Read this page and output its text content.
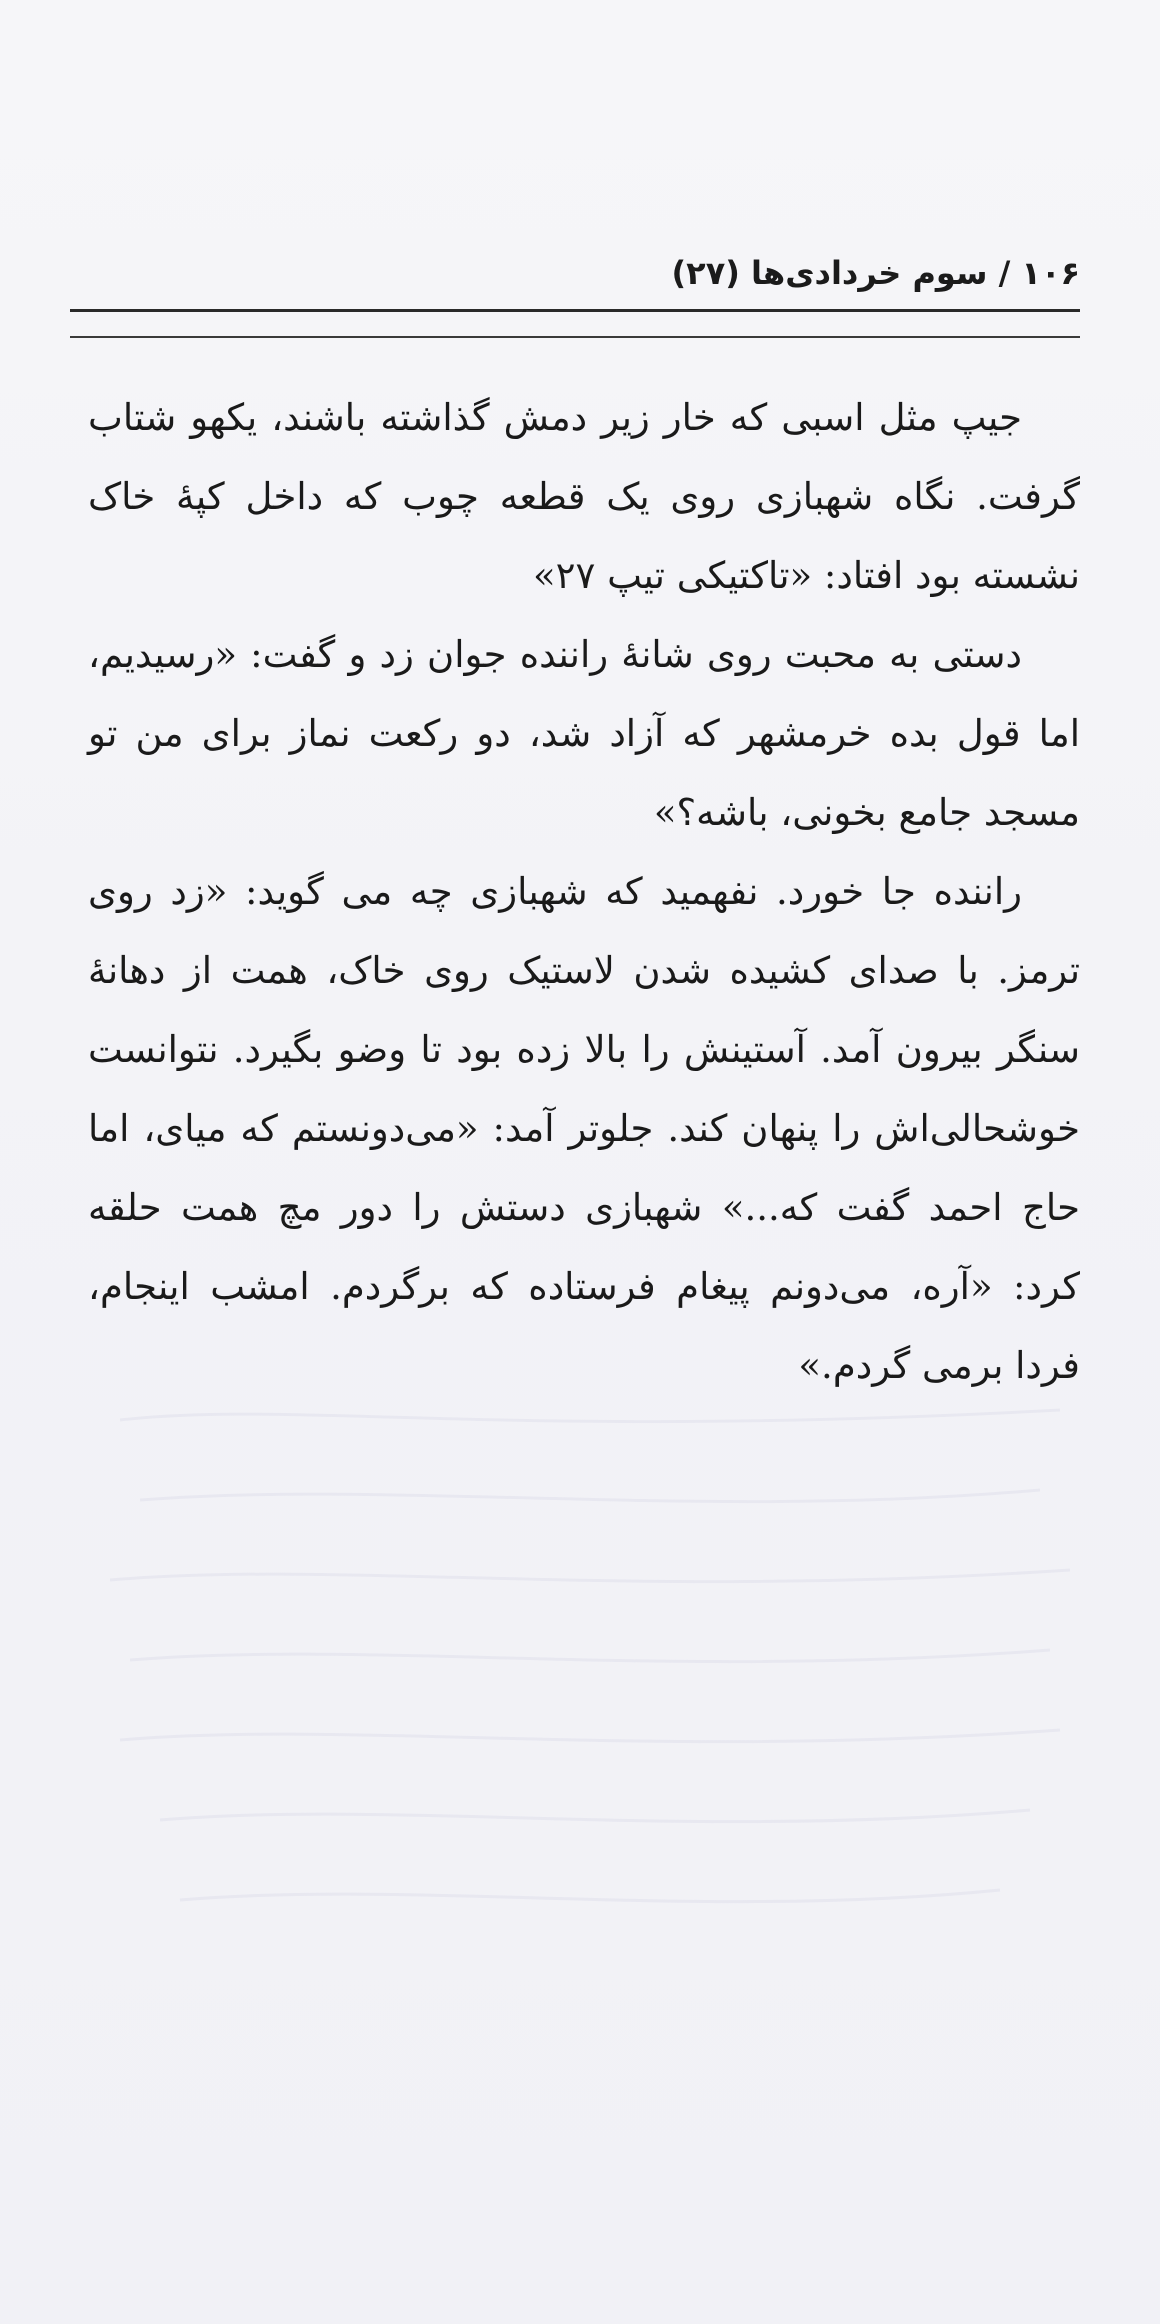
۱۰۶ / سوم خردادی‌ها (۲۷)

جیپ مثل اسبی که خار زیر دمش گذاشته باشند، یکهو شتاب گرفت. نگاه شهبازی روی یک قطعه چوب که داخل کپهٔ خاک نشسته بود افتاد: «تاکتیکی تیپ ۲۷»

دستی به محبت روی شانهٔ راننده جوان زد و گفت: «رسیدیم، اما قول بده خرمشهر که آزاد شد، دو رکعت نماز برای من تو مسجد جامع بخونی، باشه؟»

راننده جا خورد. نفهمید که شهبازی چه می گوید: «زد روی ترمز. با صدای کشیده شدن لاستیک روی خاک، همت از دهانهٔ سنگر بیرون آمد. آستینش را بالا زده بود تا وضو بگیرد. نتوانست خوشحالی‌اش را پنهان کند. جلوتر آمد: «می‌دونستم که میای، اما حاج احمد گفت که...» شهبازی دستش را دور مچ همت حلقه کرد: «آره، می‌دونم پیغام فرستاده که برگردم. امشب اینجام، فردا برمی گردم.»
